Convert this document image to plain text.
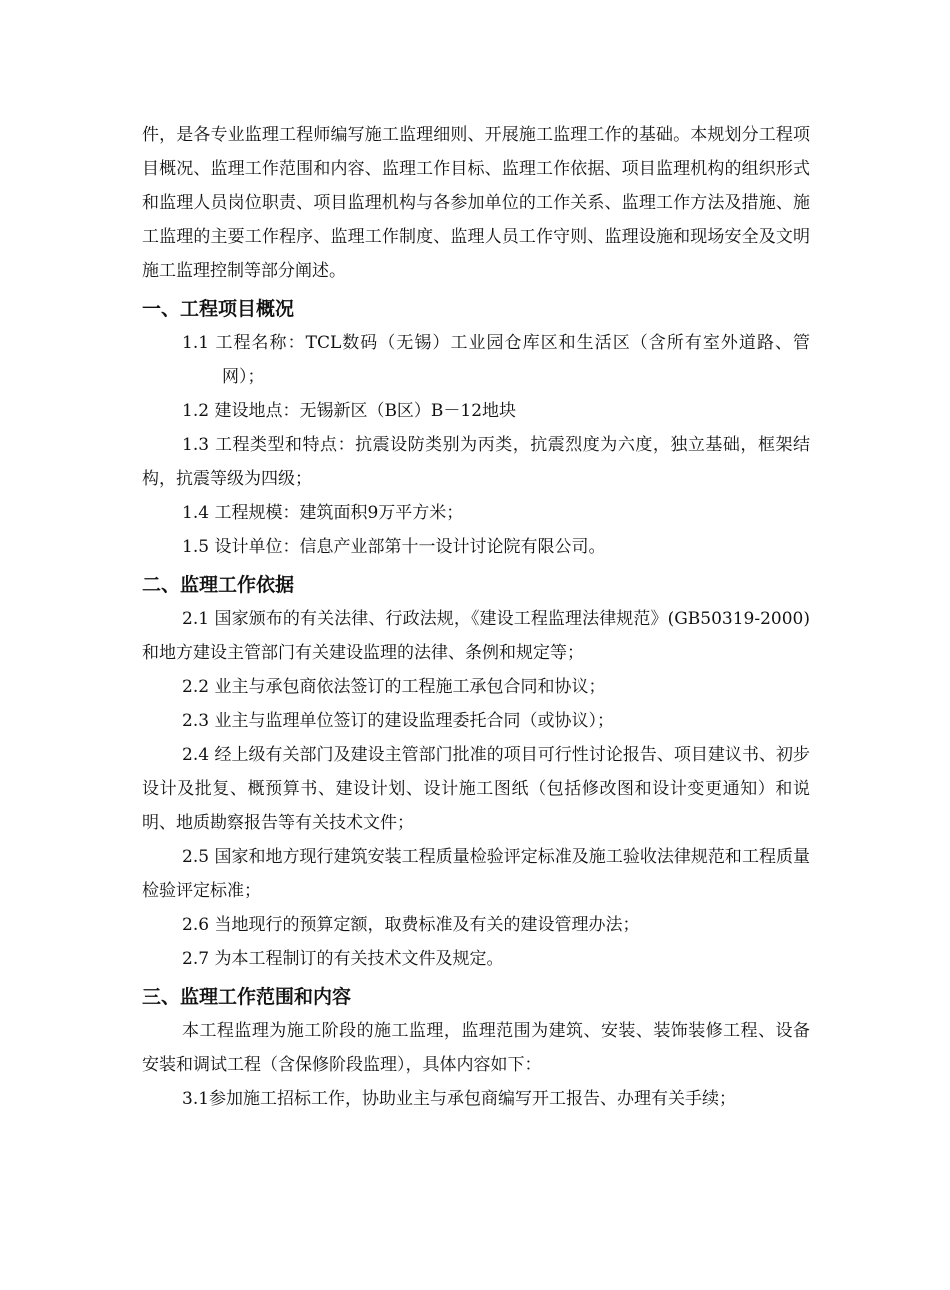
件，是各专业监理工程师编写施工监理细则、开展施工监理工作的基础。本规划分工程项目概况、监理工作范围和内容、监理工作目标、监理工作依据、项目监理机构的组织形式和监理人员岗位职责、项目监理机构与各参加单位的工作关系、监理工作方法及措施、施工监理的主要工作程序、监理工作制度、监理人员工作守则、监理设施和现场安全及文明施工监理控制等部分阐述。

一、工程项目概况

1.1 工程名称：TCL数码（无锡）工业园仓库区和生活区（含所有室外道路、管网）；

1.2 建设地点：无锡新区（B区）B－12地块

1.3 工程类型和特点：抗震设防类别为丙类，抗震烈度为六度，独立基础，框架结构，抗震等级为四级；

1.4 工程规模：建筑面积9万平方米；

1.5 设计单位：信息产业部第十一设计讨论院有限公司。

二、监理工作依据

2.1 国家颁布的有关法律、行政法规，《建设工程监理法律规范》(GB50319-2000)和地方建设主管部门有关建设监理的法律、条例和规定等；

2.2 业主与承包商依法签订的工程施工承包合同和协议；

2.3 业主与监理单位签订的建设监理委托合同（或协议）；

2.4 经上级有关部门及建设主管部门批准的项目可行性讨论报告、项目建议书、初步设计及批复、概预算书、建设计划、设计施工图纸（包括修改图和设计变更通知）和说明、地质勘察报告等有关技术文件；

2.5 国家和地方现行建筑安装工程质量检验评定标准及施工验收法律规范和工程质量检验评定标准；

2.6 当地现行的预算定额，取费标准及有关的建设管理办法；

2.7 为本工程制订的有关技术文件及规定。

三、监理工作范围和内容

本工程监理为施工阶段的施工监理，监理范围为建筑、安装、装饰装修工程、设备安装和调试工程（含保修阶段监理），具体内容如下：

3.1参加施工招标工作，协助业主与承包商编写开工报告、办理有关手续；
